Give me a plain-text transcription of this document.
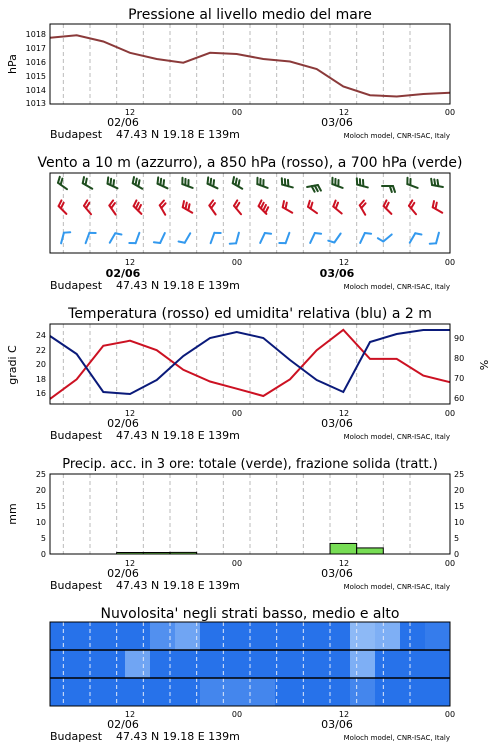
Pressione al livello medio del mare
hPa
1013
1014
1015
1016
1017
1018
12	00	12	00
02/06	03/06
Budapest 47.43 N 19.18 E 139m	Moloch model, CNR-ISAC, Italy
Vento a 10 m (azzurro), a 850 hPa (rosso), a 700 hPa (verde)
12	00	12	00
02/06	03/06
Budapest 47.43 N 19.18 E 139m	Moloch model, CNR-ISAC, Italy
Temperatura (rosso) ed umidita' relativa (blu) a 2 m
gradi C	%
16
18
20
22
24
60
70
80
90
12	00	12	00
02/06	03/06
Budapest 47.43 N 19.18 E 139m	Moloch model, CNR-ISAC, Italy
Precip. acc. in 3 ore: totale (verde), frazione solida (tratt.)
mm
0
5
10
15
20
25
0
5
10
15
20
25
12	00	12	00
02/06	03/06
Budapest 47.43 N 19.18 E 139m	Moloch model, CNR-ISAC, Italy
Nuvolosita' negli strati basso, medio e alto
12	00	12	00
02/06	03/06
Budapest 47.43 N 19.18 E 139m	Moloch model, CNR-ISAC, Italy
